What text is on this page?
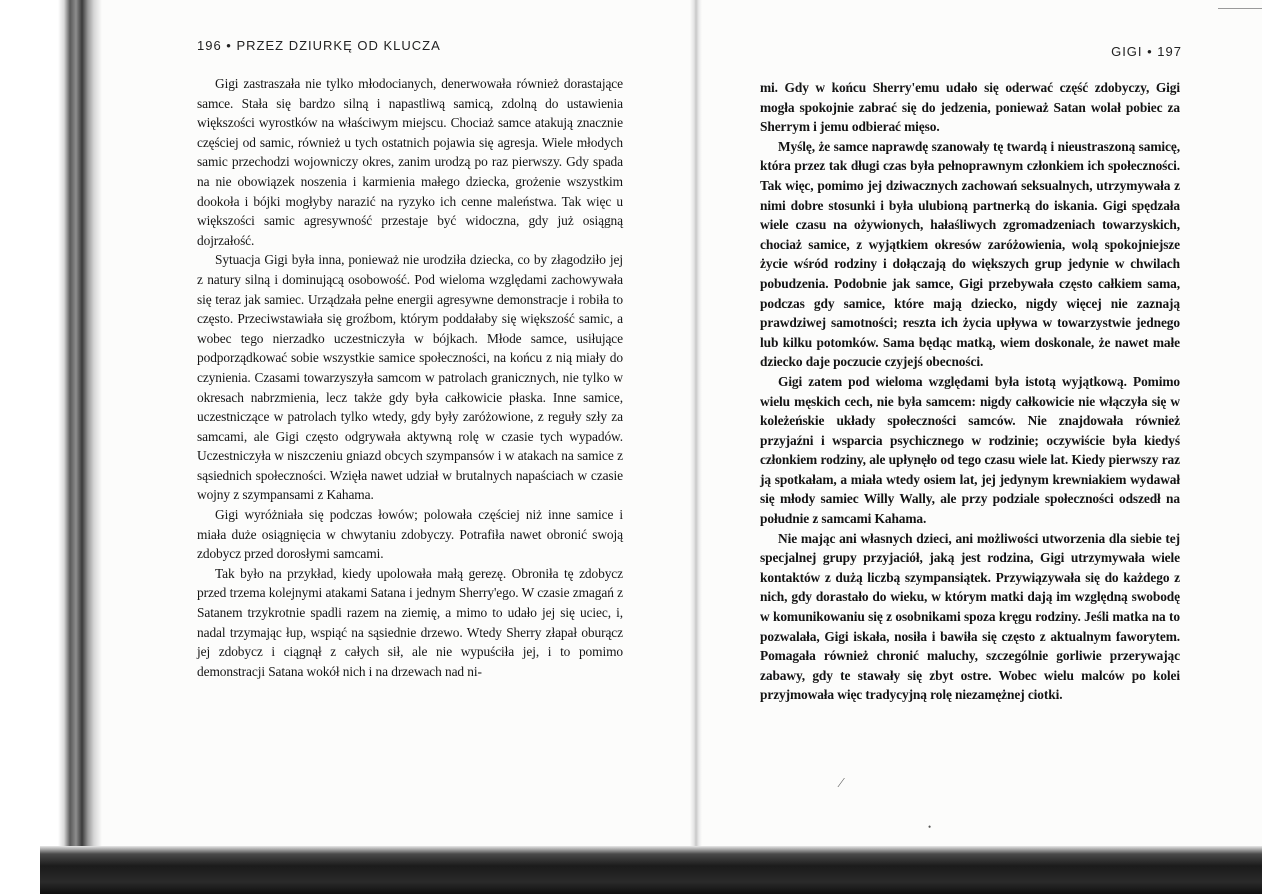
196 • PRZEZ DZIURKĘ OD KLUCZA

Gigi zastraszała nie tylko młodocianych, denerwowała również dorastające samce. Stała się bardzo silną i napastliwą samicą, zdolną do ustawienia większości wyrostków na właściwym miejscu. Chociaż samce atakują znacznie częściej od samic, również u tych ostatnich pojawia się agresja. Wiele młodych samic przechodzi wojowniczy okres, zanim urodzą po raz pierwszy. Gdy spada na nie obowiązek noszenia i karmienia małego dziecka, grożenie wszystkim dookoła i bójki mogłyby narazić na ryzyko ich cenne maleństwa. Tak więc u większości samic agresywność przestaje być widoczna, gdy już osiągną dojrzałość.

Sytuacja Gigi była inna, ponieważ nie urodziła dziecka, co by złagodziło jej z natury silną i dominującą osobowość. Pod wieloma względami zachowywała się teraz jak samiec. Urządzała pełne energii agresywne demonstracje i robiła to często. Przeciwstawiała się groźbom, którym poddałaby się większość samic, a wobec tego nierzadko uczestniczyła w bójkach. Młode samce, usiłujące podporządkować sobie wszystkie samice społeczności, na końcu z nią miały do czynienia. Czasami towarzyszyła samcom w patrolach granicznych, nie tylko w okresach nabrzmienia, lecz także gdy była całkowicie płaska. Inne samice, uczestniczące w patrolach tylko wtedy, gdy były zaróżowione, z reguły szły za samcami, ale Gigi często odgrywała aktywną rolę w czasie tych wypadów. Uczestniczyła w niszczeniu gniazd obcych szympansów i w atakach na samice z sąsiednich społeczności. Wzięła nawet udział w brutalnych napaściach w czasie wojny z szympansami z Kahama.

Gigi wyróżniała się podczas łowów; polowała częściej niż inne samice i miała duże osiągnięcia w chwytaniu zdobyczy. Potrafiła nawet obronić swoją zdobycz przed dorosłymi samcami.

Tak było na przykład, kiedy upolowała małą gerezę. Obroniła tę zdobycz przed trzema kolejnymi atakami Satana i jednym Sherry'ego. W czasie zmagań z Satanem trzykrotnie spadli razem na ziemię, a mimo to udało jej się uciec, i, nadal trzymając łup, wspiąć na sąsiednie drzewo. Wtedy Sherry złapał oburącz jej zdobycz i ciągnął z całych sił, ale nie wypuściła jej, i to pomimo demonstracji Satana wokół nich i na drzewach nad ni-

GIGI • 197

mi. Gdy w końcu Sherry'emu udało się oderwać część zdobyczy, Gigi mogła spokojnie zabrać się do jedzenia, ponieważ Satan wolał pobiec za Sherrym i jemu odbierać mięso.

Myślę, że samce naprawdę szanowały tę twardą i nieustraszoną samicę, która przez tak długi czas była pełnoprawnym członkiem ich społeczności. Tak więc, pomimo jej dziwacznych zachowań seksualnych, utrzymywała z nimi dobre stosunki i była ulubioną partnerką do iskania. Gigi spędzała wiele czasu na ożywionych, hałaśliwych zgromadzeniach towarzyskich, chociaż samice, z wyjątkiem okresów zaróżowienia, wolą spokojniejsze życie wśród rodziny i dołączają do większych grup jedynie w chwilach pobudzenia. Podobnie jak samce, Gigi przebywała często całkiem sama, podczas gdy samice, które mają dziecko, nigdy więcej nie zaznają prawdziwej samotności; reszta ich życia upływa w towarzystwie jednego lub kilku potomków. Sama będąc matką, wiem doskonale, że nawet małe dziecko daje poczucie czyjejś obecności.

Gigi zatem pod wieloma względami była istotą wyjątkową. Pomimo wielu męskich cech, nie była samcem: nigdy całkowicie nie włączyła się w koleżeńskie układy społeczności samców. Nie znajdowała również przyjaźni i wsparcia psychicznego w rodzinie; oczywiście była kiedyś członkiem rodziny, ale upłynęło od tego czasu wiele lat. Kiedy pierwszy raz ją spotkałam, a miała wtedy osiem lat, jej jedynym krewniakiem wydawał się młody samiec Willy Wally, ale przy podziale społeczności odszedł na południe z samcami Kahama.

Nie mając ani własnych dzieci, ani możliwości utworzenia dla siebie tej specjalnej grupy przyjaciół, jaką jest rodzina, Gigi utrzymywała wiele kontaktów z dużą liczbą szympansiątek. Przywiązywała się do każdego z nich, gdy dorastało do wieku, w którym matki dają im względną swobodę w komunikowaniu się z osobnikami spoza kręgu rodziny. Jeśli matka na to pozwalała, Gigi iskała, nosiła i bawiła się często z aktualnym faworytem. Pomagała również chronić maluchy, szczególnie gorliwie przerywając zabawy, gdy te stawały się zbyt ostre. Wobec wielu malców po kolei przyjmowała więc tradycyjną rolę niezamężnej ciotki.

⁄
•
